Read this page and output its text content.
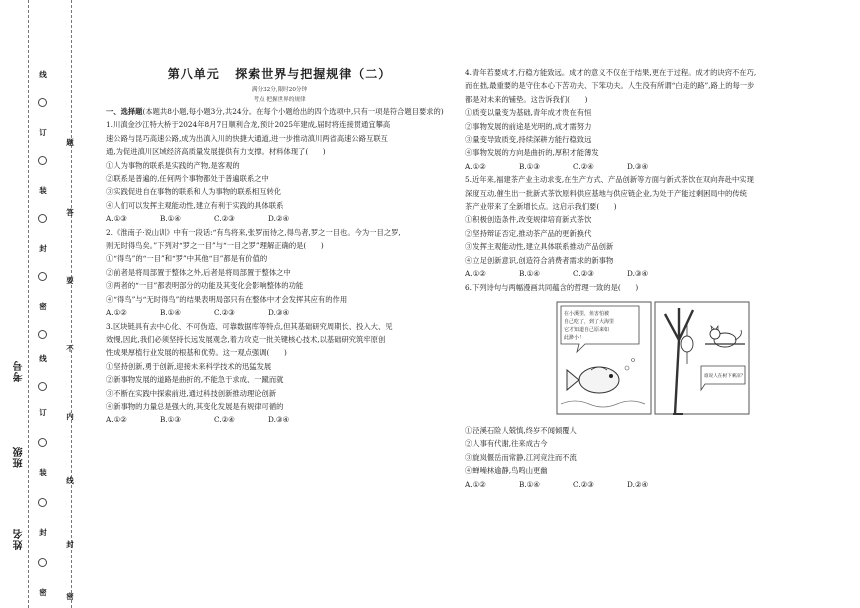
线
订
装
封
密
线
订
装
封
密
题
答
要
不
内
线
封
密
考号
班级
姓名
第八单元 探索世界与把握规律（二）
满分32分,限时20分钟
考点 把握世界的规律

一、选择题(本题共8小题,每小题3分,共24分。在每个小题给出的四个选项中,只有一项是符合题目要求的)

1.川滇金沙江特大桥于2024年8月7日顺利合龙,预计2025年建成,届时将连接贯通宜攀高

速公路与昆巧高速公路,成为出滇入川的快捷大通道,进一步推动滇川两省高速公路互联互

通,为促进滇川区域经济高质量发展提供有力支撑。材料体现了(　　)

①人为事物的联系是实践的产物,是客观的

②联系是普遍的,任何两个事物都处于普遍联系之中

③实践促进自在事物的联系和人为事物的联系相互转化

④人们可以发挥主观能动性,建立有利于实践的具体联系

A.①③	B.①④	C.②③	D.②④

2.《淮南子·说山训》中有一段话:“有鸟将来,张罗而待之,得鸟者,罗之一目也。今为一目之罗,

则无时得鸟矣。”下列对“罗之一目”与“一目之罗”理解正确的是(　　)

①“得鸟”的“一目”和“罗”中其他“目”都是有价值的

②前者是将局部置于整体之外,后者是将局部置于整体之中

③两者的“一目”都表明部分的功能及其变化会影响整体的功能

④“得鸟”与“无时得鸟”的结果表明局部只有在整体中才会发挥其应有的作用

A.①②	B.①④	C.②③	D.③④

3.区块链具有去中心化、不可伪造、可靠数据库等特点,但其基础研究周期长、投入大、见

效慢,因此,我们必须坚持长远发展观念,着力攻克一批关键核心技术,以基础研究筑牢原创

性成果厚植行业发展的根基和优势。这一观点强调(　　)

①坚持创新,勇于创新,迎接未来科学技术的迅猛发展

②新事物发展的道路是曲折的,不能急于求成、一蹴而就

③不断在实践中探索前进,通过科技创新推动理论创新

④新事物的力量总是强大的,其变化发展是有规律可循的

A.①②	B.①③	C.②④	D.③④

4.青年若要成才,行稳方能致远。成才的意义不仅在于结果,更在于过程。成才的诀窍不在巧,

而在拙,最重要的是守住本心下苦功夫、下笨功夫。人生没有所谓“白走的路”,路上的每一步

都是对未来的铺垫。这告诉我们(　　)

①质变以量变为基础,青年成才贵在有恒

②事物发展的前途是光明的,成才需努力

③量变导致质变,持续深耕方能行稳致远

④事物发展的方向是曲折的,厚积才能薄发

A.①②	B.①③	C.②④	D.③④

5.近年来,福建茶产业主动求变,在生产方式、产品创新等方面与新式茶饮在双向奔赴中实现

深度互动,催生出一批新式茶饮原料供应基地与供应链企业,为处于产能过剩困局中的传统

茶产业带来了全新增长点。这启示我们要(　　)

①积极创造条件,改变规律培育新式茶饮

②坚持辩证否定,推动茶产品的更新换代

③发挥主观能动性,建立具体联系推动产品创新

④立足创新意识,创造符合消费者需求的新事物

A.①②	B.①④	C.②③	D.③④

6.下列诗句与两幅漫画共同蕴含的哲理一致的是(　　)

在小溪里，鱼害怕被 自己吃了，到了大海里 它才知道自己原来如 此渺小！
谁说人在树下乘凉？

①泾溪石险人兢慎,终岁不闻倾覆人

②人事有代谢,往来成古今

③旋岚偃岳而常静,江河竞注而不流

④蝉噪林逾静,鸟鸣山更幽

A.①②	B.①④	C.②③	D.②④
